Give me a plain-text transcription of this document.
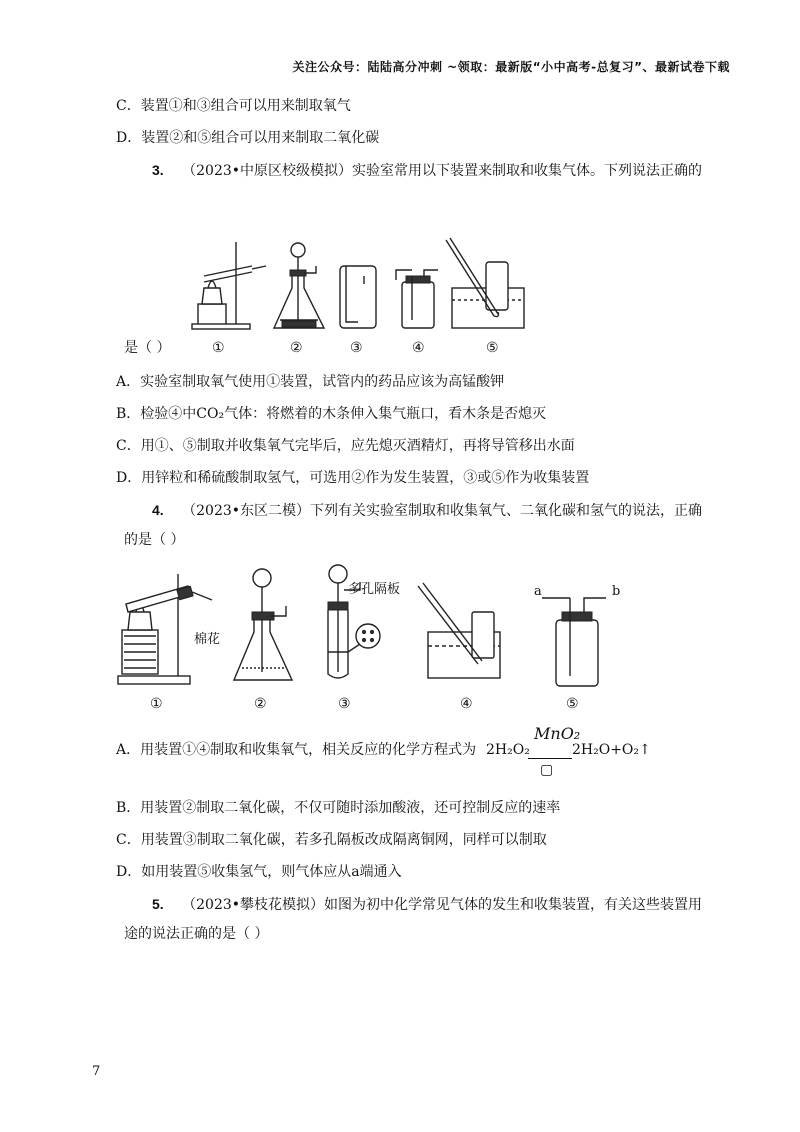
关注公众号：陆陆高分冲刺 ~领取：最新版“小中高考-总复习”、最新试卷下载
C．装置①和③组合可以用来制取氧气
D．装置②和⑤组合可以用来制取二氧化碳
3. （2023•中原区校级模拟）实验室常用以下装置来制取和收集气体。下列说法正确的
是（ ）	①	②	③	④	⑤
A．实验室制取氧气使用①装置，试管内的药品应该为高锰酸钾
B．检验④中CO₂气体：将燃着的木条伸入集气瓶口，看木条是否熄灭
C．用①、⑤制取并收集氧气完毕后，应先熄灭酒精灯，再将导管移出水面
D．用锌粒和稀硫酸制取氢气，可选用②作为发生装置，③或⑤作为收集装置
4. （2023•东区二模）下列有关实验室制取和收集氧气、二氧化碳和氢气的说法，正确
的是（ ）
棉花
多孔隔板	a	b
①	②	③	④	⑤
A．用装置①④制取和收集氧气，相关反应的化学方程式为 2H₂O₂
MnO₂
▢
2H₂O+O₂↑
B．用装置②制取二氧化碳，不仅可随时添加酸液，还可控制反应的速率
C．用装置③制取二氧化碳，若多孔隔板改成隔离铜网，同样可以制取
D．如用装置⑤收集氢气，则气体应从a端通入
5. （2023•攀枝花模拟）如图为初中化学常见气体的发生和收集装置，有关这些装置用
途的说法正确的是（ ）
7
